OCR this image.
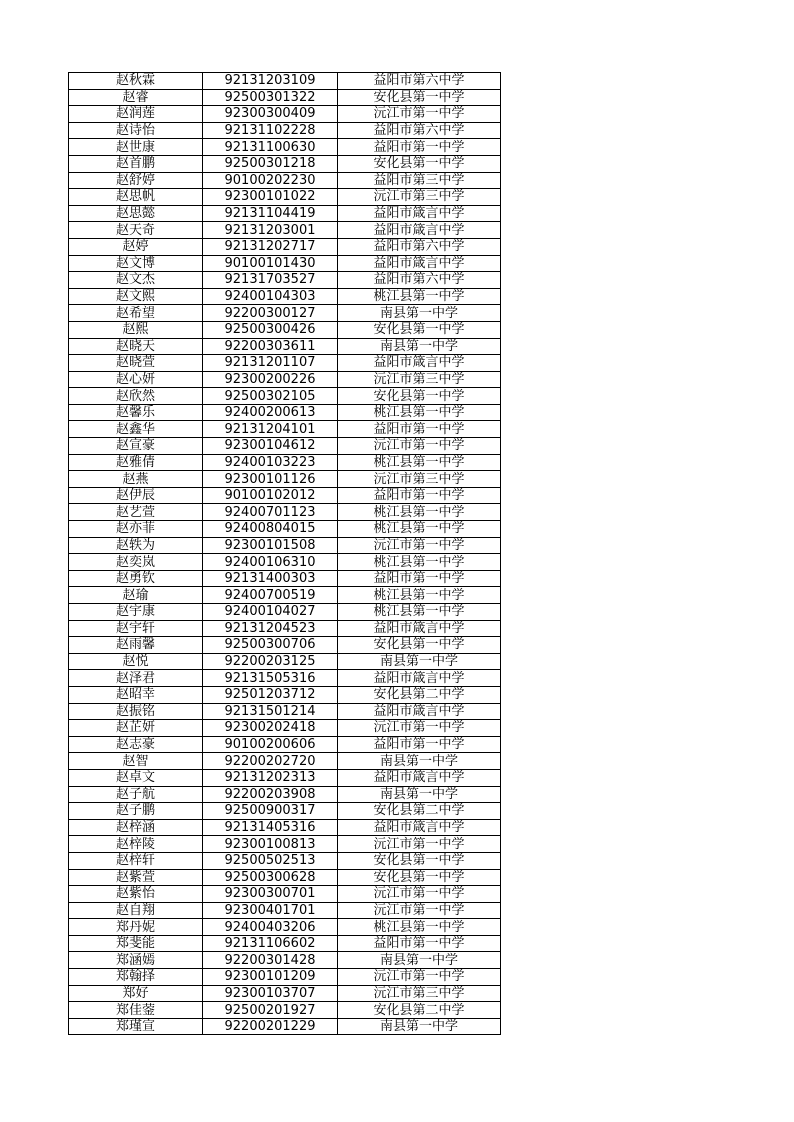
赵秋霖	92131203109	益阳市第六中学
赵睿	92500301322	安化县第一中学
赵润莲	92300300409	沅江市第一中学
赵诗怡	92131102228	益阳市第六中学
赵世康	92131100630	益阳市第一中学
赵首鹏	92500301218	安化县第一中学
赵舒婷	90100202230	益阳市第三中学
赵思帆	92300101022	沅江市第三中学
赵思懿	92131104419	益阳市箴言中学
赵天奇	92131203001	益阳市箴言中学
赵婷	92131202717	益阳市第六中学
赵文博	90100101430	益阳市箴言中学
赵文杰	92131703527	益阳市第六中学
赵文熙	92400104303	桃江县第一中学
赵希望	92200300127	南县第一中学
赵熙	92500300426	安化县第一中学
赵晓天	92200303611	南县第一中学
赵晓萱	92131201107	益阳市箴言中学
赵心妍	92300200226	沅江市第三中学
赵欣然	92500302105	安化县第一中学
赵馨乐	92400200613	桃江县第一中学
赵鑫华	92131204101	益阳市第一中学
赵宣豪	92300104612	沅江市第一中学
赵雅倩	92400103223	桃江县第一中学
赵燕	92300101126	沅江市第三中学
赵伊辰	90100102012	益阳市第一中学
赵艺萱	92400701123	桃江县第一中学
赵亦菲	92400804015	桃江县第一中学
赵轶为	92300101508	沅江市第一中学
赵奕岚	92400106310	桃江县第一中学
赵勇钦	92131400303	益阳市第一中学
赵瑜	92400700519	桃江县第一中学
赵宇康	92400104027	桃江县第一中学
赵宇轩	92131204523	益阳市箴言中学
赵雨馨	92500300706	安化县第一中学
赵悦	92200203125	南县第一中学
赵泽君	92131505316	益阳市箴言中学
赵昭幸	92501203712	安化县第二中学
赵振铭	92131501214	益阳市箴言中学
赵芷妍	92300202418	沅江市第一中学
赵志豪	90100200606	益阳市第一中学
赵智	92200202720	南县第一中学
赵卓文	92131202313	益阳市箴言中学
赵子航	92200203908	南县第一中学
赵子鹏	92500900317	安化县第二中学
赵梓涵	92131405316	益阳市箴言中学
赵梓陵	92300100813	沅江市第一中学
赵梓轩	92500502513	安化县第一中学
赵紫萱	92500300628	安化县第一中学
赵紫怡	92300300701	沅江市第一中学
赵自翔	92300401701	沅江市第一中学
郑丹妮	92400403206	桃江县第一中学
郑斐能	92131106602	益阳市第一中学
郑涵嫣	92200301428	南县第一中学
郑翰择	92300101209	沅江市第一中学
郑好	92300103707	沅江市第三中学
郑佳蓥	92500201927	安化县第二中学
郑瑾宣	92200201229	南县第一中学
